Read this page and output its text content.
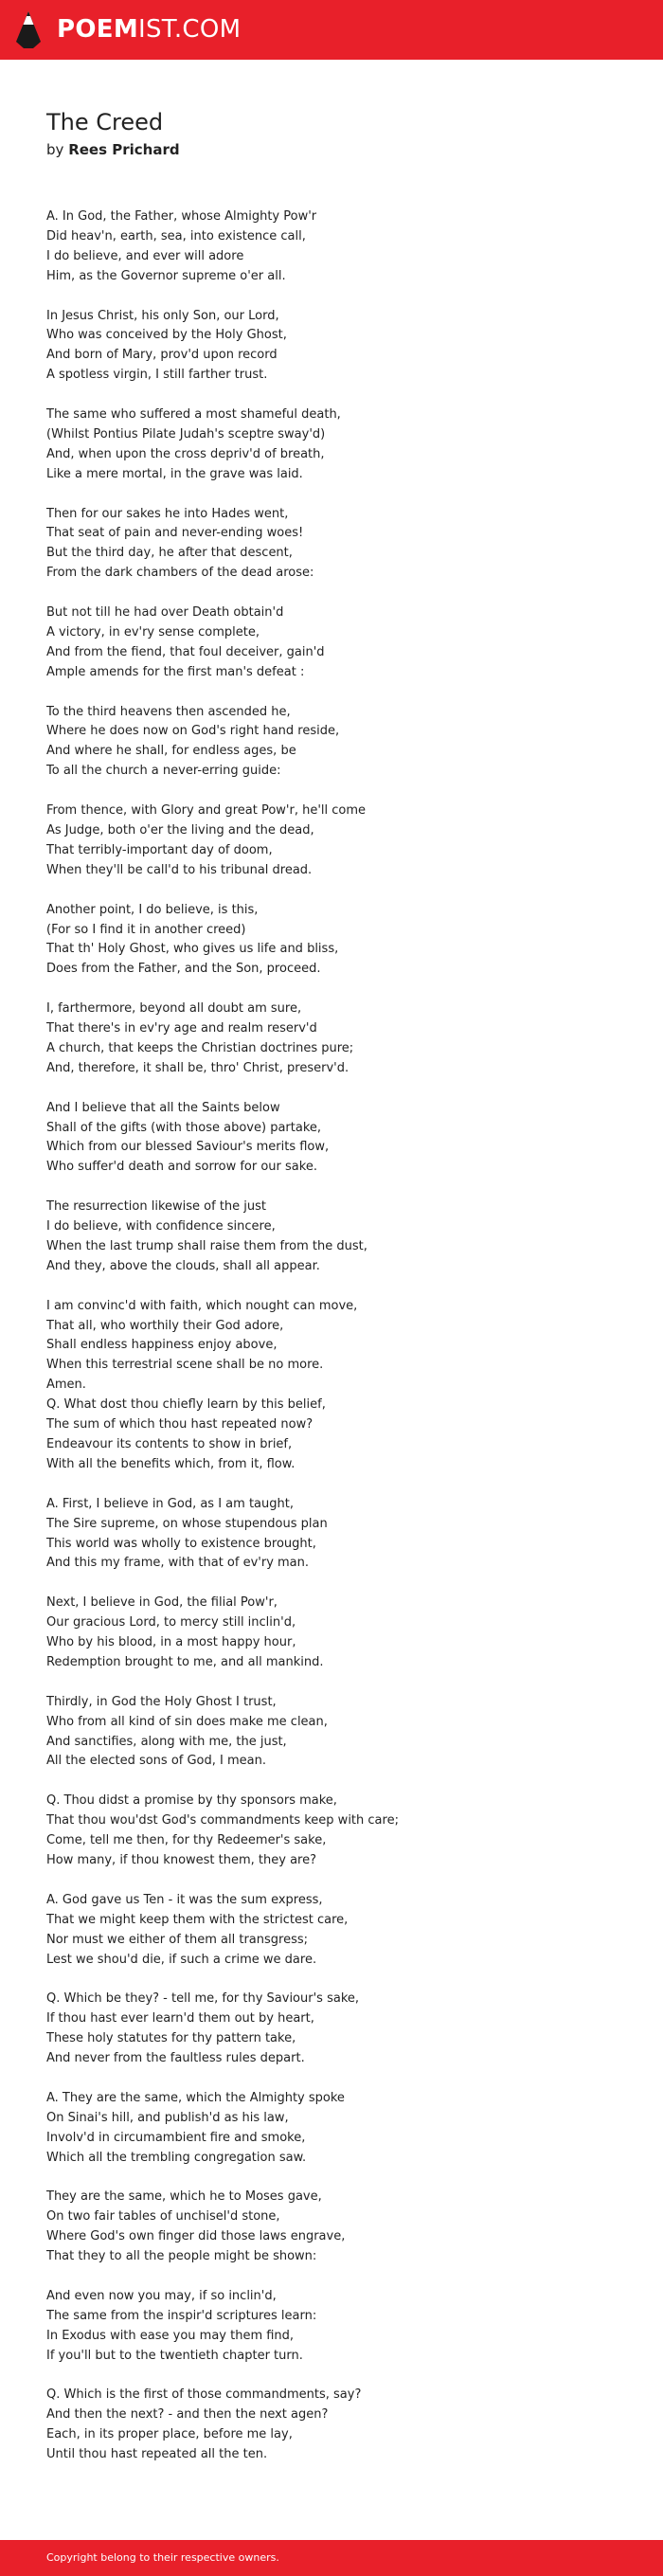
POEMIST.COM
The Creed
by Rees Prichard
A. In God, the Father, whose Almighty Pow'r
Did heav'n, earth, sea, into existence call,
I do believe, and ever will adore
Him, as the Governor supreme o'er all.
In Jesus Christ, his only Son, our Lord,
Who was conceived by the Holy Ghost,
And born of Mary, prov'd upon record
A spotless virgin, I still farther trust.
The same who suffered a most shameful death,
(Whilst Pontius Pilate Judah's sceptre sway'd)
And, when upon the cross depriv'd of breath,
Like a mere mortal, in the grave was laid.
Then for our sakes he into Hades went,
That seat of pain and never-ending woes!
But the third day, he after that descent,
From the dark chambers of the dead arose:
But not till he had over Death obtain'd
A victory, in ev'ry sense complete,
And from the fiend, that foul deceiver, gain'd
Ample amends for the first man's defeat :
To the third heavens then ascended he,
Where he does now on God's right hand reside,
And where he shall, for endless ages, be
To all the church a never-erring guide:
From thence, with Glory and great Pow'r, he'll come
As Judge, both o'er the living and the dead,
That terribly-important day of doom,
When they'll be call'd to his tribunal dread.
Another point, I do believe, is this,
(For so I find it in another creed)
That th' Holy Ghost, who gives us life and bliss,
Does from the Father, and the Son, proceed.
I, farthermore, beyond all doubt am sure,
That there's in ev'ry age and realm reserv'd
A church, that keeps the Christian doctrines pure;
And, therefore, it shall be, thro' Christ, preserv'd.
And I believe that all the Saints below
Shall of the gifts (with those above) partake,
Which from our blessed Saviour's merits flow,
Who suffer'd death and sorrow for our sake.
The resurrection likewise of the just
I do believe, with confidence sincere,
When the last trump shall raise them from the dust,
And they, above the clouds, shall all appear.
I am convinc'd with faith, which nought can move,
That all, who worthily their God adore,
Shall endless happiness enjoy above,
When this terrestrial scene shall be no more.
Amen.
Q. What dost thou chiefly learn by this belief,
The sum of which thou hast repeated now?
Endeavour its contents to show in brief,
With all the benefits which, from it, flow.
A. First, I believe in God, as I am taught,
The Sire supreme, on whose stupendous plan
This world was wholly to existence brought,
And this my frame, with that of ev'ry man.
Next, I believe in God, the filial Pow'r,
Our gracious Lord, to mercy still inclin'd,
Who by his blood, in a most happy hour,
Redemption brought to me, and all mankind.
Thirdly, in God the Holy Ghost I trust,
Who from all kind of sin does make me clean,
And sanctifies, along with me, the just,
All the elected sons of God, I mean.
Q. Thou didst a promise by thy sponsors make,
That thou wou'dst God's commandments keep with care;
Come, tell me then, for thy Redeemer's sake,
How many, if thou knowest them, they are?
A. God gave us Ten - it was the sum express,
That we might keep them with the strictest care,
Nor must we either of them all transgress;
Lest we shou'd die, if such a crime we dare.
Q. Which be they? - tell me, for thy Saviour's sake,
If thou hast ever learn'd them out by heart,
These holy statutes for thy pattern take,
And never from the faultless rules depart.
A. They are the same, which the Almighty spoke
On Sinai's hill, and publish'd as his law,
Involv'd in circumambient fire and smoke,
Which all the trembling congregation saw.
They are the same, which he to Moses gave,
On two fair tables of unchisel'd stone,
Where God's own finger did those laws engrave,
That they to all the people might be shown:
And even now you may, if so inclin'd,
The same from the inspir'd scriptures learn:
In Exodus with ease you may them find,
If you'll but to the twentieth chapter turn.
Q. Which is the first of those commandments, say?
And then the next? - and then the next agen?
Each, in its proper place, before me lay,
Until thou hast repeated all the ten.
Copyright belong to their respective owners.
